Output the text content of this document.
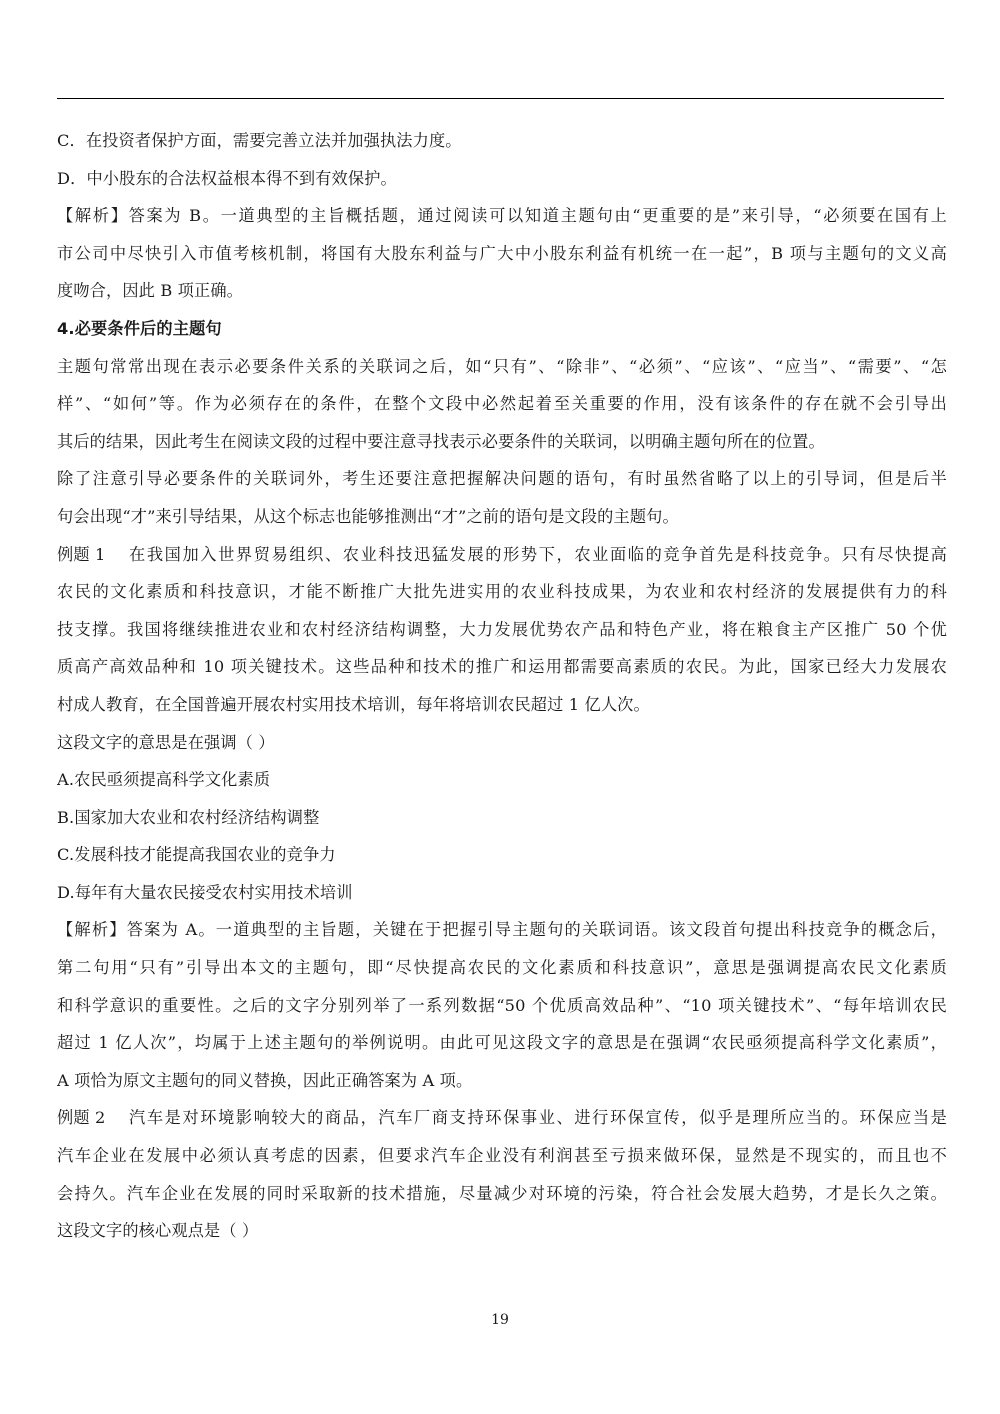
C．在投资者保护方面，需要完善立法并加强执法力度。
D．中小股东的合法权益根本得不到有效保护。
【解析】答案为 B。一道典型的主旨概括题，通过阅读可以知道主题句由“更重要的是”来引导，“必须要在国有上
市公司中尽快引入市值考核机制，将国有大股东利益与广大中小股东利益有机统一在一起”，B 项与主题句的文义高
度吻合，因此 B 项正确。
4.必要条件后的主题句
主题句常常出现在表示必要条件关系的关联词之后，如“只有”、“除非”、“必须”、“应该”、“应当”、“需要”、“怎
样”、“如何”等。作为必须存在的条件，在整个文段中必然起着至关重要的作用，没有该条件的存在就不会引导出
其后的结果，因此考生在阅读文段的过程中要注意寻找表示必要条件的关联词，以明确主题句所在的位置。
除了注意引导必要条件的关联词外，考生还要注意把握解决问题的语句，有时虽然省略了以上的引导词，但是后半
句会出现“才”来引导结果，从这个标志也能够推测出“才”之前的语句是文段的主题句。
例题 1	在我国加入世界贸易组织、农业科技迅猛发展的形势下，农业面临的竞争首先是科技竞争。只有尽快提高
农民的文化素质和科技意识，才能不断推广大批先进实用的农业科技成果，为农业和农村经济的发展提供有力的科
技支撑。我国将继续推进农业和农村经济结构调整，大力发展优势农产品和特色产业，将在粮食主产区推广 50 个优
质高产高效品种和 10 项关键技术。这些品种和技术的推广和运用都需要高素质的农民。为此，国家已经大力发展农
村成人教育，在全国普遍开展农村实用技术培训，每年将培训农民超过 1 亿人次。
这段文字的意思是在强调（ ）
A.农民亟须提高科学文化素质
B.国家加大农业和农村经济结构调整
C.发展科技才能提高我国农业的竞争力
D.每年有大量农民接受农村实用技术培训
【解析】答案为 A。一道典型的主旨题，关键在于把握引导主题句的关联词语。该文段首句提出科技竞争的概念后，
第二句用“只有”引导出本文的主题句，即“尽快提高农民的文化素质和科技意识”，意思是强调提高农民文化素质
和科学意识的重要性。之后的文字分别列举了一系列数据“50 个优质高效品种”、“10 项关键技术”、“每年培训农民
超过 1 亿人次”，均属于上述主题句的举例说明。由此可见这段文字的意思是在强调“农民亟须提高科学文化素质”，
A 项恰为原文主题句的同义替换，因此正确答案为 A 项。
例题 2	汽车是对环境影响较大的商品，汽车厂商支持环保事业、进行环保宣传，似乎是理所应当的。环保应当是
汽车企业在发展中必须认真考虑的因素，但要求汽车企业没有利润甚至亏损来做环保，显然是不现实的，而且也不
会持久。汽车企业在发展的同时采取新的技术措施，尽量减少对环境的污染，符合社会发展大趋势，才是长久之策。
这段文字的核心观点是（ ）
19
